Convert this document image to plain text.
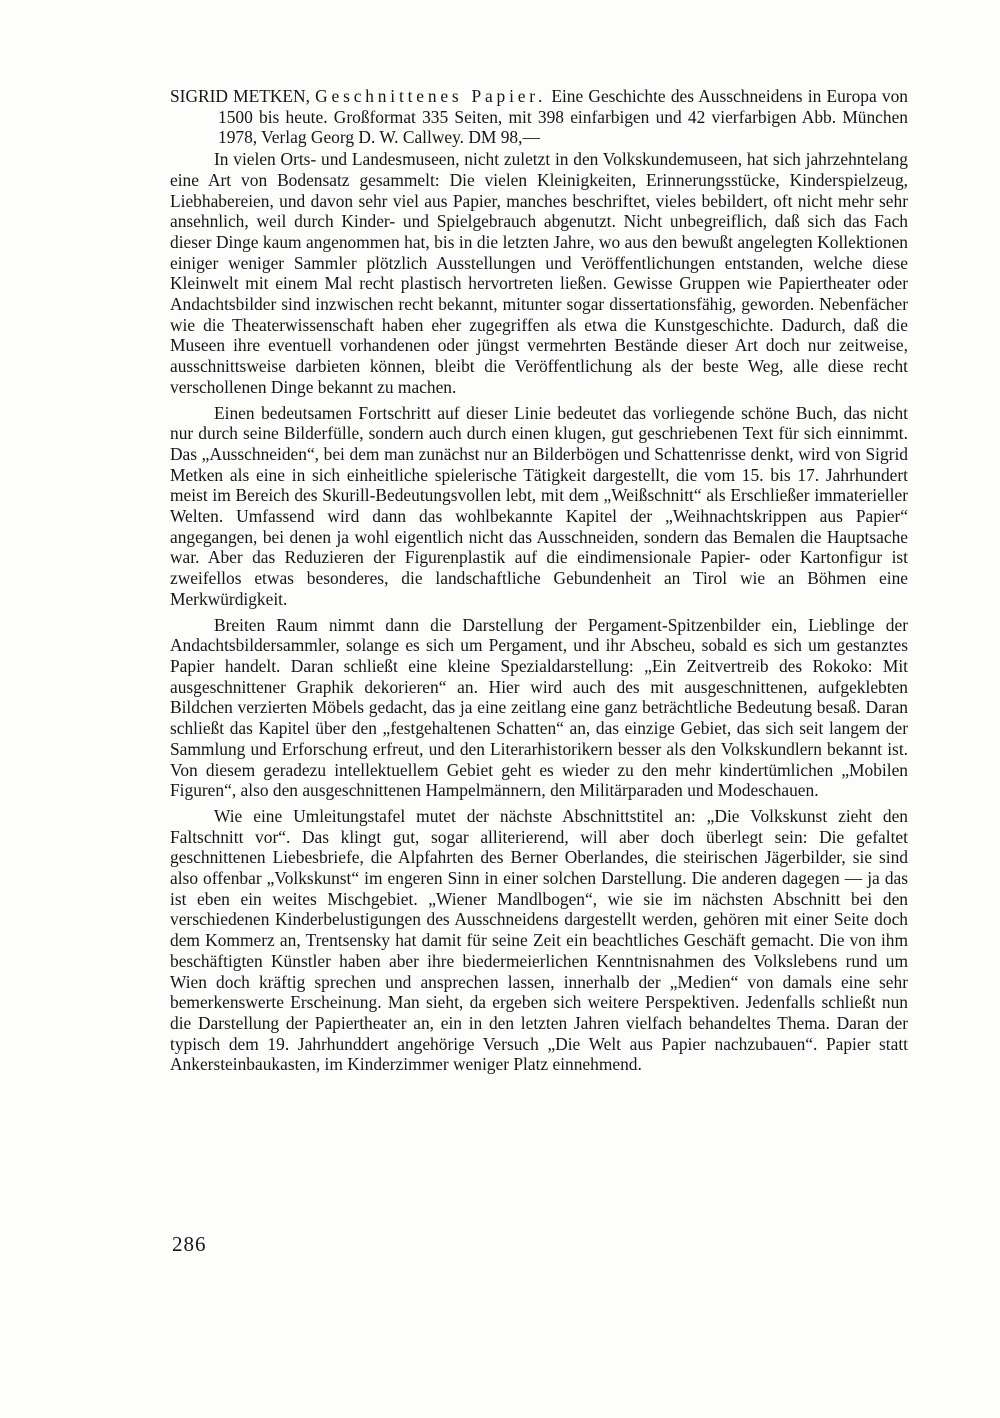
SIGRID METKEN, Geschnittenes Papier. Eine Geschichte des Ausschneidens in Europa von 1500 bis heute. Großformat 335 Seiten, mit 398 einfarbigen und 42 vierfarbigen Abb. München 1978, Verlag Georg D. W. Callwey. DM 98,—

In vielen Orts- und Landesmuseen, nicht zuletzt in den Volkskundemuseen, hat sich jahrzehntelang eine Art von Bodensatz gesammelt: Die vielen Kleinigkeiten, Erinnerungsstücke, Kinderspielzeug, Liebhabereien, und davon sehr viel aus Papier, manches beschriftet, vieles bebildert, oft nicht mehr sehr ansehnlich, weil durch Kinder- und Spielgebrauch abgenutzt. Nicht unbegreiflich, daß sich das Fach dieser Dinge kaum angenommen hat, bis in die letzten Jahre, wo aus den bewußt angelegten Kollektionen einiger weniger Sammler plötzlich Ausstellungen und Veröffentlichungen entstanden, welche diese Kleinwelt mit einem Mal recht plastisch hervortreten ließen. Gewisse Gruppen wie Papiertheater oder Andachtsbilder sind inzwischen recht bekannt, mitunter sogar dissertationsfähig, geworden. Nebenfächer wie die Theaterwissenschaft haben eher zugegriffen als etwa die Kunstgeschichte. Dadurch, daß die Museen ihre eventuell vorhandenen oder jüngst vermehrten Bestände dieser Art doch nur zeitweise, ausschnittsweise darbieten können, bleibt die Veröffentlichung als der beste Weg, alle diese recht verschollenen Dinge bekannt zu machen.

Einen bedeutsamen Fortschritt auf dieser Linie bedeutet das vorliegende schöne Buch, das nicht nur durch seine Bilderfülle, sondern auch durch einen klugen, gut geschriebenen Text für sich einnimmt. Das „Ausschneiden“, bei dem man zunächst nur an Bilderbögen und Schattenrisse denkt, wird von Sigrid Metken als eine in sich einheitliche spielerische Tätigkeit dargestellt, die vom 15. bis 17. Jahrhundert meist im Bereich des Skurill-Bedeutungsvollen lebt, mit dem „Weißschnitt“ als Erschließer immaterieller Welten. Umfassend wird dann das wohlbekannte Kapitel der „Weihnachtskrippen aus Papier“ angegangen, bei denen ja wohl eigentlich nicht das Ausschneiden, sondern das Bemalen die Hauptsache war. Aber das Reduzieren der Figurenplastik auf die eindimensionale Papier- oder Kartonfigur ist zweifellos etwas besonderes, die landschaftliche Gebundenheit an Tirol wie an Böhmen eine Merkwürdigkeit.

Breiten Raum nimmt dann die Darstellung der Pergament-Spitzenbilder ein, Lieblinge der Andachtsbildersammler, solange es sich um Pergament, und ihr Abscheu, sobald es sich um gestanztes Papier handelt. Daran schließt eine kleine Spezialdarstellung: „Ein Zeitvertreib des Rokoko: Mit ausgeschnittener Graphik dekorieren“ an. Hier wird auch des mit ausgeschnittenen, aufgeklebten Bildchen verzierten Möbels gedacht, das ja eine zeitlang eine ganz beträchtliche Bedeutung besaß. Daran schließt das Kapitel über den „festgehaltenen Schatten“ an, das einzige Gebiet, das sich seit langem der Sammlung und Erforschung erfreut, und den Literarhistorikern besser als den Volkskundlern bekannt ist. Von diesem geradezu intellektuellem Gebiet geht es wieder zu den mehr kindertümlichen „Mobilen Figuren“, also den ausgeschnittenen Hampelmännern, den Militärparaden und Modeschauen.

Wie eine Umleitungstafel mutet der nächste Abschnittstitel an: „Die Volkskunst zieht den Faltschnitt vor“. Das klingt gut, sogar alliterierend, will aber doch überlegt sein: Die gefaltet geschnittenen Liebesbriefe, die Alpfahrten des Berner Oberlandes, die steirischen Jägerbilder, sie sind also offenbar „Volkskunst“ im engeren Sinn in einer solchen Darstellung. Die anderen dagegen — ja das ist eben ein weites Mischgebiet. „Wiener Mandlbogen“, wie sie im nächsten Abschnitt bei den verschiedenen Kinderbelustigungen des Ausschneidens dargestellt werden, gehören mit einer Seite doch dem Kommerz an, Trentsensky hat damit für seine Zeit ein beachtliches Geschäft gemacht. Die von ihm beschäftigten Künstler haben aber ihre biedermeierlichen Kenntnisnahmen des Volkslebens rund um Wien doch kräftig sprechen und ansprechen lassen, innerhalb der „Medien“ von damals eine sehr bemerkenswerte Erscheinung. Man sieht, da ergeben sich weitere Perspektiven. Jedenfalls schließt nun die Darstellung der Papiertheater an, ein in den letzten Jahren vielfach behandeltes Thema. Daran der typisch dem 19. Jahrhunddert angehörige Versuch „Die Welt aus Papier nachzubauen“. Papier statt Ankersteinbaukasten, im Kinderzimmer weniger Platz einnehmend.

286
